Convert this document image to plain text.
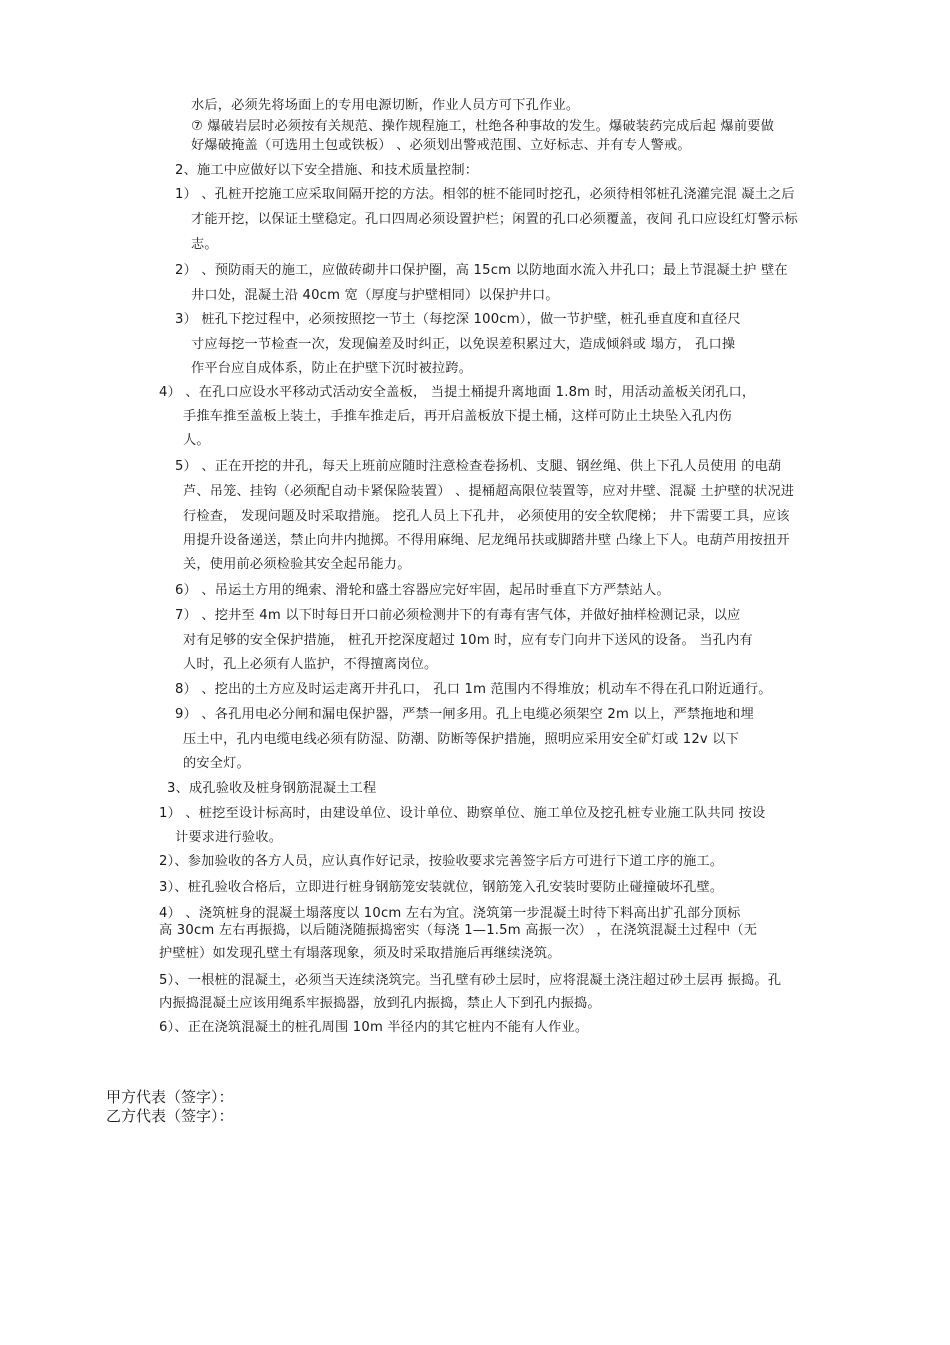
水后，必须先将场面上的专用电源切断，作业人员方可下孔作业。
⑦ 爆破岩层时必须按有关规范、操作规程施工，杜绝各种事故的发生。爆破装药完成后起 爆前要做
好爆破掩盖（可选用土包或铁板） 、必须划出警戒范围、立好标志、并有专人警戒。
2、施工中应做好以下安全措施、和技术质量控制：
1） 、孔桩开挖施工应采取间隔开挖的方法。相邻的桩不能同时挖孔，必须待相邻桩孔浇灌完混 凝土之后
才能开挖，以保证土壁稳定。孔口四周必须设置护栏；闲置的孔口必须覆盖，夜间 孔口应设红灯警示标
志。
2） 、预防雨天的施工，应做砖砌井口保护圈，高 15cm 以防地面水流入井孔口；最上节混凝土护 壁在
井口处，混凝土沿 40cm 宽（厚度与护壁相同）以保护井口。
3） 桩孔下挖过程中，必须按照挖一节土（每挖深 100cm），做一节护壁，桩孔垂直度和直径尺
寸应每挖一节检查一次，发现偏差及时纠正，以免误差积累过大，造成倾斜或 塌方， 孔口操
作平台应自成体系，防止在护壁下沉时被拉跨。
4） 、在孔口应设水平移动式活动安全盖板， 当提土桶提升离地面 1.8m 时，用活动盖板关闭孔口，
手推车推至盖板上装土，手推车推走后，再开启盖板放下提土桶，这样可防止土块坠入孔内伤
人。
5） 、正在开挖的井孔，每天上班前应随时注意检查卷扬机、支腿、钢丝绳、供上下孔人员使用 的电葫
芦、吊笼、挂钩（必须配自动卡紧保险装置） 、提桶超高限位装置等，应对井壁、混凝 土护壁的状况进
行检查， 发现问题及时采取措施。 挖孔人员上下孔井， 必须使用的安全软爬梯； 井下需要工具，应该
用提升设备递送，禁止向井内抛掷。不得用麻绳、尼龙绳吊扶或脚踏井壁 凸缘上下人。电葫芦用按扭开
关，使用前必须检验其安全起吊能力。
6） 、吊运土方用的绳索、滑轮和盛土容器应完好牢固，起吊时垂直下方严禁站人。
7） 、挖井至 4m 以下时每日开口前必须检测井下的有毒有害气体，并做好抽样检测记录，以应
对有足够的安全保护措施， 桩孔开挖深度超过 10m 时，应有专门向井下送风的设备。 当孔内有
人时，孔上必须有人监护，不得擅离岗位。
8） 、挖出的土方应及时运走离开井孔口， 孔口 1m 范围内不得堆放；机动车不得在孔口附近通行。
9） 、各孔用电必分闸和漏电保护器，严禁一闸多用。孔上电缆必须架空 2m 以上，严禁拖地和埋
压土中，孔内电缆电线必须有防湿、防潮、防断等保护措施，照明应采用安全矿灯或 12v 以下
的安全灯。
3、成孔验收及桩身钢筋混凝土工程
1） 、桩挖至设计标高时，由建设单位、设计单位、勘察单位、施工单位及挖孔桩专业施工队共同 按设
计要求进行验收。
2）、参加验收的各方人员，应认真作好记录，按验收要求完善签字后方可进行下道工序的施工。
3）、桩孔验收合格后，立即进行桩身钢筋笼安装就位，钢筋笼入孔安装时要防止碰撞破坏孔壁。
4） 、浇筑桩身的混凝土塌落度以 10cm 左右为宜。浇筑第一步混凝土时待下料高出扩孔部分顶标
高 30cm 左右再振捣，以后随浇随振捣密实（每浇 1—1.5m 高振一次） ，在浇筑混凝土过程中（无
护壁桩）如发现孔壁土有塌落现象，须及时采取措施后再继续浇筑。
5）、一根桩的混凝土，必须当天连续浇筑完。当孔壁有砂土层时，应将混凝土浇注超过砂土层再 振捣。孔
内振捣混凝土应该用绳系牢振捣器，放到孔内振捣，禁止人下到孔内振捣。
6）、正在浇筑混凝土的桩孔周围 10m 半径内的其它桩内不能有人作业。
甲方代表（签字）：
乙方代表（签字）：
